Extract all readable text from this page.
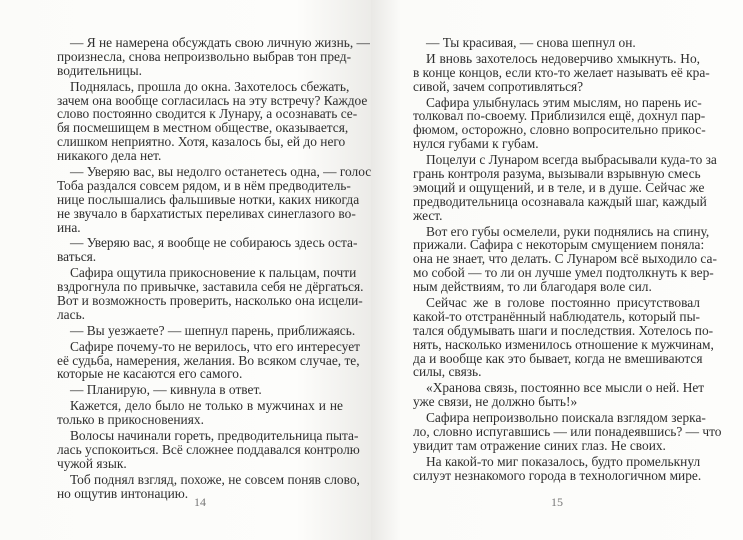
— Я не намерена обсуждать свою личную жизнь, —
произнесла, снова непроизвольно выбрав тон пред-
водительницы.
Поднялась, прошла до окна. Захотелось сбежать,
зачем она вообще согласилась на эту встречу? Каждое
слово постоянно сводится к Лунару, а осознавать се-
бя посмешищем в местном обществе, оказывается,
слишком неприятно. Хотя, казалось бы, ей до него
никакого дела нет.
— Уверяю вас, вы недолго останетесь одна, — голос
Тоба раздался совсем рядом, и в нём предводитель-
нице послышались фальшивые нотки, каких никогда
не звучало в бархатистых переливах синеглазого во-
ина.
— Уверяю вас, я вообще не собираюсь здесь оста-
ваться.
Сафира ощутила прикосновение к пальцам, почти
вздрогнула по привычке, заставила себя не дёргаться.
Вот и возможность проверить, насколько она исцели-
лась.
— Вы уезжаете? — шепнул парень, приближаясь.
Сафире почему-то не верилось, что его интересует
её судьба, намерения, желания. Во всяком случае, те,
которые не касаются его самого.
— Планирую, — кивнула в ответ.
Кажется, дело было не только в мужчинах и не
только в прикосновениях.
Волосы начинали гореть, предводительница пыта-
лась успокоиться. Всё сложнее поддавался контролю
чужой язык.
Тоб поднял взгляд, похоже, не совсем поняв слово,
но ощутив интонацию.
14
— Ты красивая, — снова шепнул он.
И вновь захотелось недоверчиво хмыкнуть. Но,
в конце концов, если кто-то желает называть её кра-
сивой, зачем сопротивляться?
Сафира улыбнулась этим мыслям, но парень ис-
толковал по-своему. Приблизился ещё, дохнул пар-
фюмом, осторожно, словно вопросительно прикос-
нулся губами к губам.
Поцелуи с Лунаром всегда выбрасывали куда-то за
грань контроля разума, вызывали взрывную смесь
эмоций и ощущений, и в теле, и в душе. Сейчас же
предводительница осознавала каждый шаг, каждый
жест.
Вот его губы осмелели, руки поднялись на спину,
прижали. Сафира с некоторым смущением поняла:
она не знает, что делать. С Лунаром всё выходило са-
мо собой — то ли он лучше умел подтолкнуть к вер-
ным действиям, то ли благодаря воле сил.
Сейчас же в голове постоянно присутствовал
какой-то отстранённый наблюдатель, который пы-
тался обдумывать шаги и последствия. Хотелось по-
нять, насколько изменилось отношение к мужчинам,
да и вообще как это бывает, когда не вмешиваются
силы, связь.
«Хранова связь, постоянно все мысли о ней. Нет
уже связи, не должно быть!»
Сафира непроизвольно поискала взглядом зерка-
ло, словно испугавшись — или понадеявшись? — что
увидит там отражение синих глаз. Не своих.
На какой-то миг показалось, будто промелькнул
силуэт незнакомого города в технологичном мире.
15
